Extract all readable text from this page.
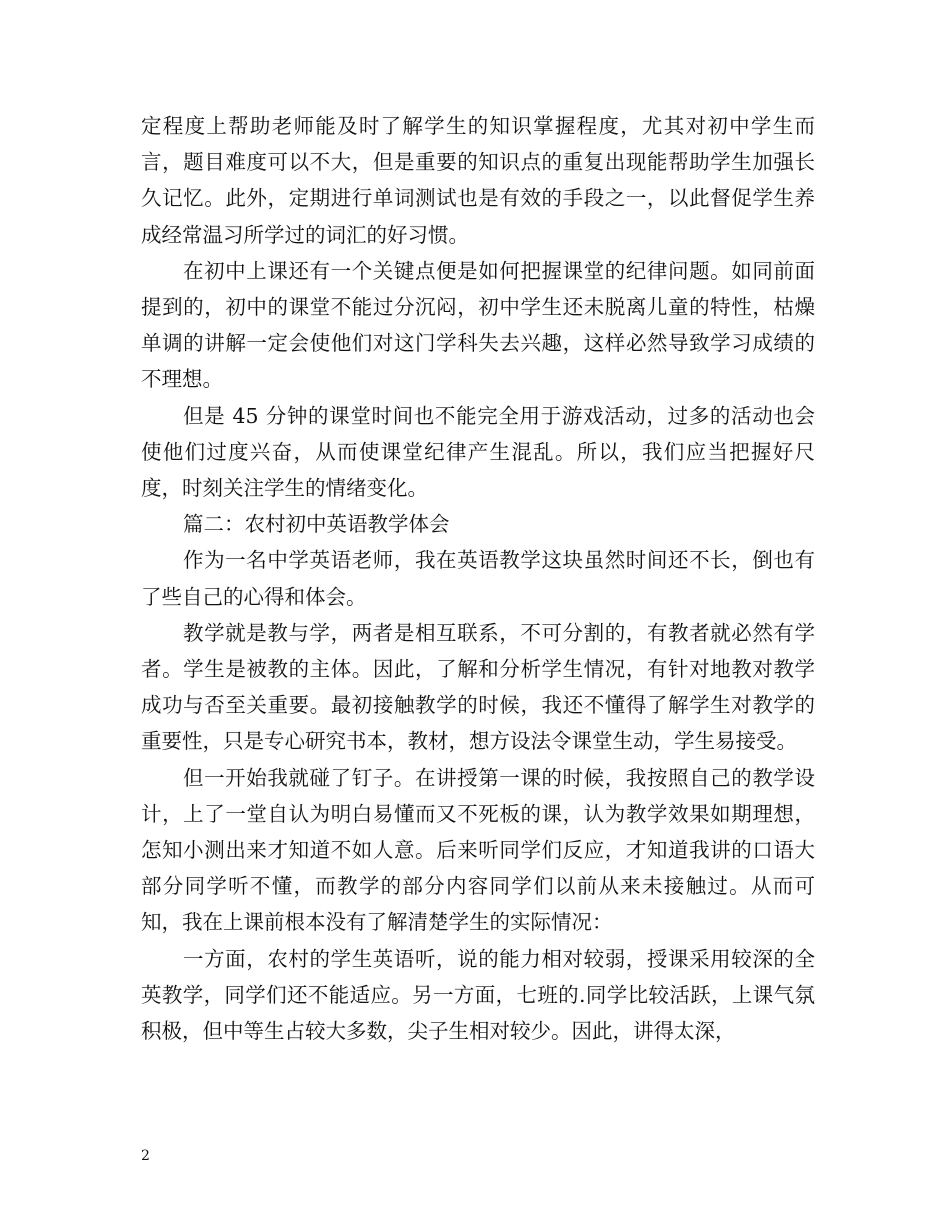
定程度上帮助老师能及时了解学生的知识掌握程度，尤其对初中学生而言，题目难度可以不大，但是重要的知识点的重复出现能帮助学生加强长久记忆。此外，定期进行单词测试也是有效的手段之一，以此督促学生养成经常温习所学过的词汇的好习惯。

在初中上课还有一个关键点便是如何把握课堂的纪律问题。如同前面提到的，初中的课堂不能过分沉闷，初中学生还未脱离儿童的特性，枯燥单调的讲解一定会使他们对这门学科失去兴趣，这样必然导致学习成绩的不理想。

但是 45 分钟的课堂时间也不能完全用于游戏活动，过多的活动也会使他们过度兴奋，从而使课堂纪律产生混乱。所以，我们应当把握好尺度，时刻关注学生的情绪变化。

篇二：农村初中英语教学体会

作为一名中学英语老师，我在英语教学这块虽然时间还不长，倒也有了些自己的心得和体会。

教学就是教与学，两者是相互联系，不可分割的，有教者就必然有学者。学生是被教的主体。因此，了解和分析学生情况，有针对地教对教学成功与否至关重要。最初接触教学的时候，我还不懂得了解学生对教学的重要性，只是专心研究书本，教材，想方设法令课堂生动，学生易接受。

但一开始我就碰了钉子。在讲授第一课的时候，我按照自己的教学设计，上了一堂自认为明白易懂而又不死板的课，认为教学效果如期理想，怎知小测出来才知道不如人意。后来听同学们反应，才知道我讲的口语大部分同学听不懂，而教学的部分内容同学们以前从来未接触过。从而可知，我在上课前根本没有了解清楚学生的实际情况：

一方面，农村的学生英语听，说的能力相对较弱，授课采用较深的全英教学，同学们还不能适应。另一方面，七班的.同学比较活跃，上课气氛积极，但中等生占较大多数，尖子生相对较少。因此，讲得太深，

2
